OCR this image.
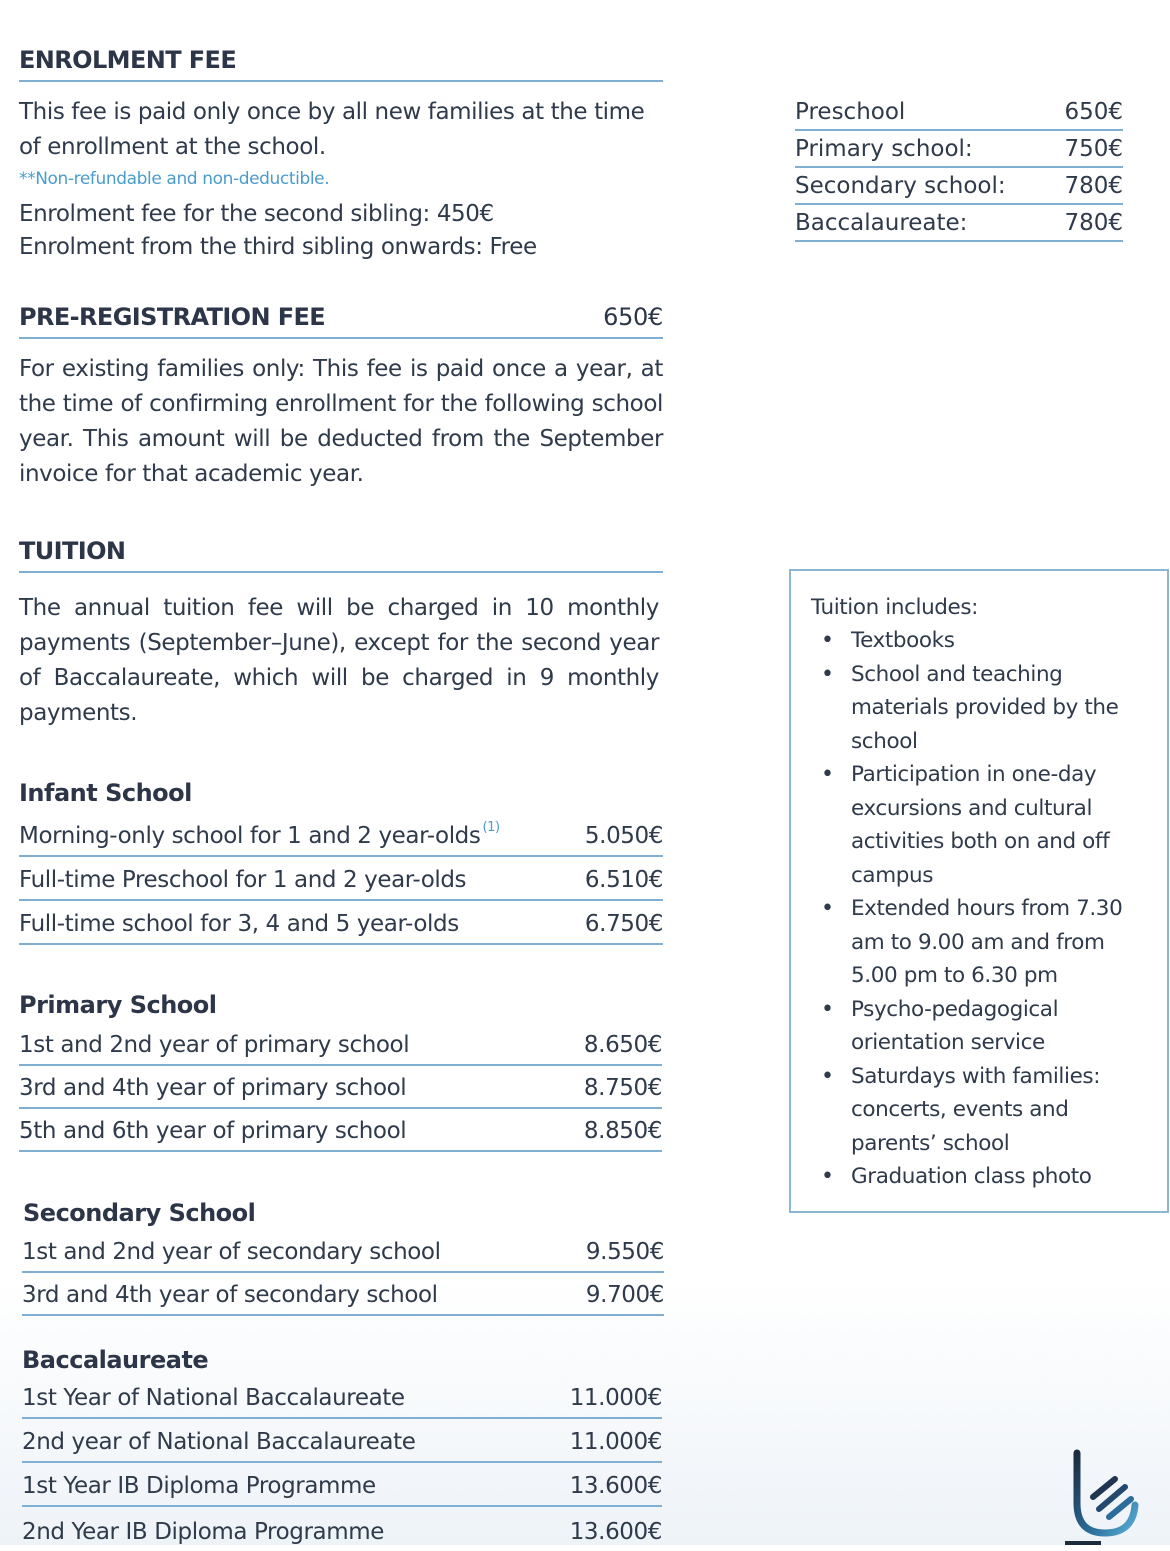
ENROLMENT FEE
This fee is paid only once by all new families at the time of enrollment at the school.
**Non-refundable and non-deductible.
Enrolment fee for the second sibling: 450€
Enrolment from the third sibling onwards: Free
Preschool	650€
Primary school:	750€
Secondary school:	780€
Baccalaureate:	780€
PRE-REGISTRATION FEE	650€
For existing families only: This fee is paid once a year, at the time of confirming enrollment for the following school year. This amount will be deducted from the September invoice for that academic year.
TUITION
The annual tuition fee will be charged in 10 monthly payments (September–June), except for the second year of Baccalaureate, which will be charged in 9 monthly payments.
Infant School
Morning-only school for 1 and 2 year-olds $^{(1)}$	5.050€
Full-time Preschool for 1 and 2 year-olds	6.510€
Full-time school for 3, 4 and 5 year-olds	6.750€
Primary School
1st and 2nd year of primary school	8.650€
3rd and 4th year of primary school	8.750€
5th and 6th year of primary school	8.850€
Secondary School
1st and 2nd year of secondary school	9.550€
3rd and 4th year of secondary school	9.700€
Baccalaureate
1st Year of National Baccalaureate	11.000€
2nd year of National Baccalaureate	11.000€
1st Year IB Diploma Programme	13.600€
2nd Year IB Diploma Programme	13.600€
Tuition includes:
• Textbooks
• School and teaching materials provided by the school
• Participation in one-day excursions and cultural activities both on and off campus
• Extended hours from 7.30 am to 9.00 am and from 5.00 pm to 6.30 pm
• Psycho-pedagogical orientation service
• Saturdays with families: concerts, events and parents’ school
• Graduation class photo
